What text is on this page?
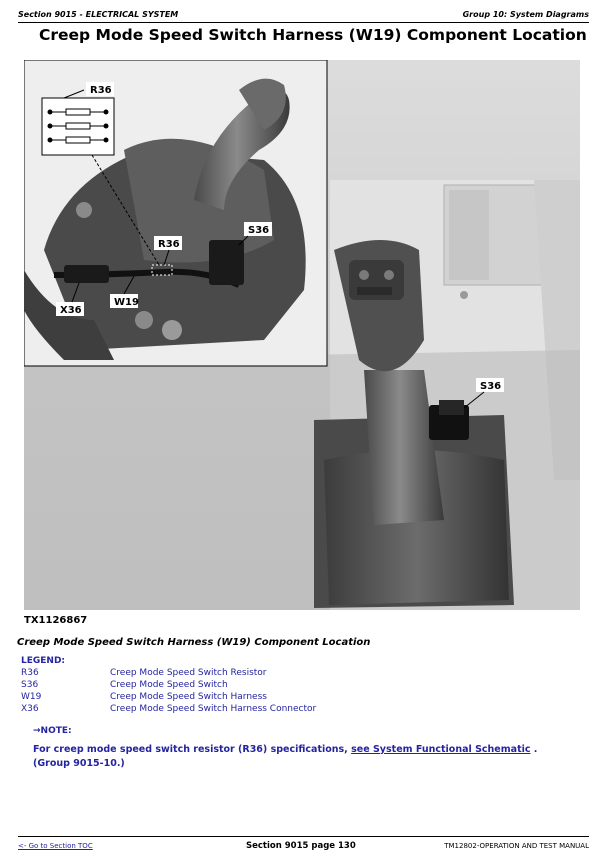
Section 9015 - ELECTRICAL SYSTEM	Group 10: System Diagrams
Creep Mode Speed Switch Harness (W19) Component Location
R36
R36
S36
W19
X36
S36
TX1126867
Creep Mode Speed Switch Harness (W19) Component Location
LEGEND:
R36	Creep Mode Speed Switch Resistor
S36	Creep Mode Speed Switch
W19	Creep Mode Speed Switch Harness
X36	Creep Mode Speed Switch Harness Connector
→NOTE:
For creep mode speed switch resistor (R36) specifications, see System Functional Schematic . (Group 9015-10.)
<- Go to Section TOC	Section 9015 page 130	TM12802-OPERATION AND TEST MANUAL
